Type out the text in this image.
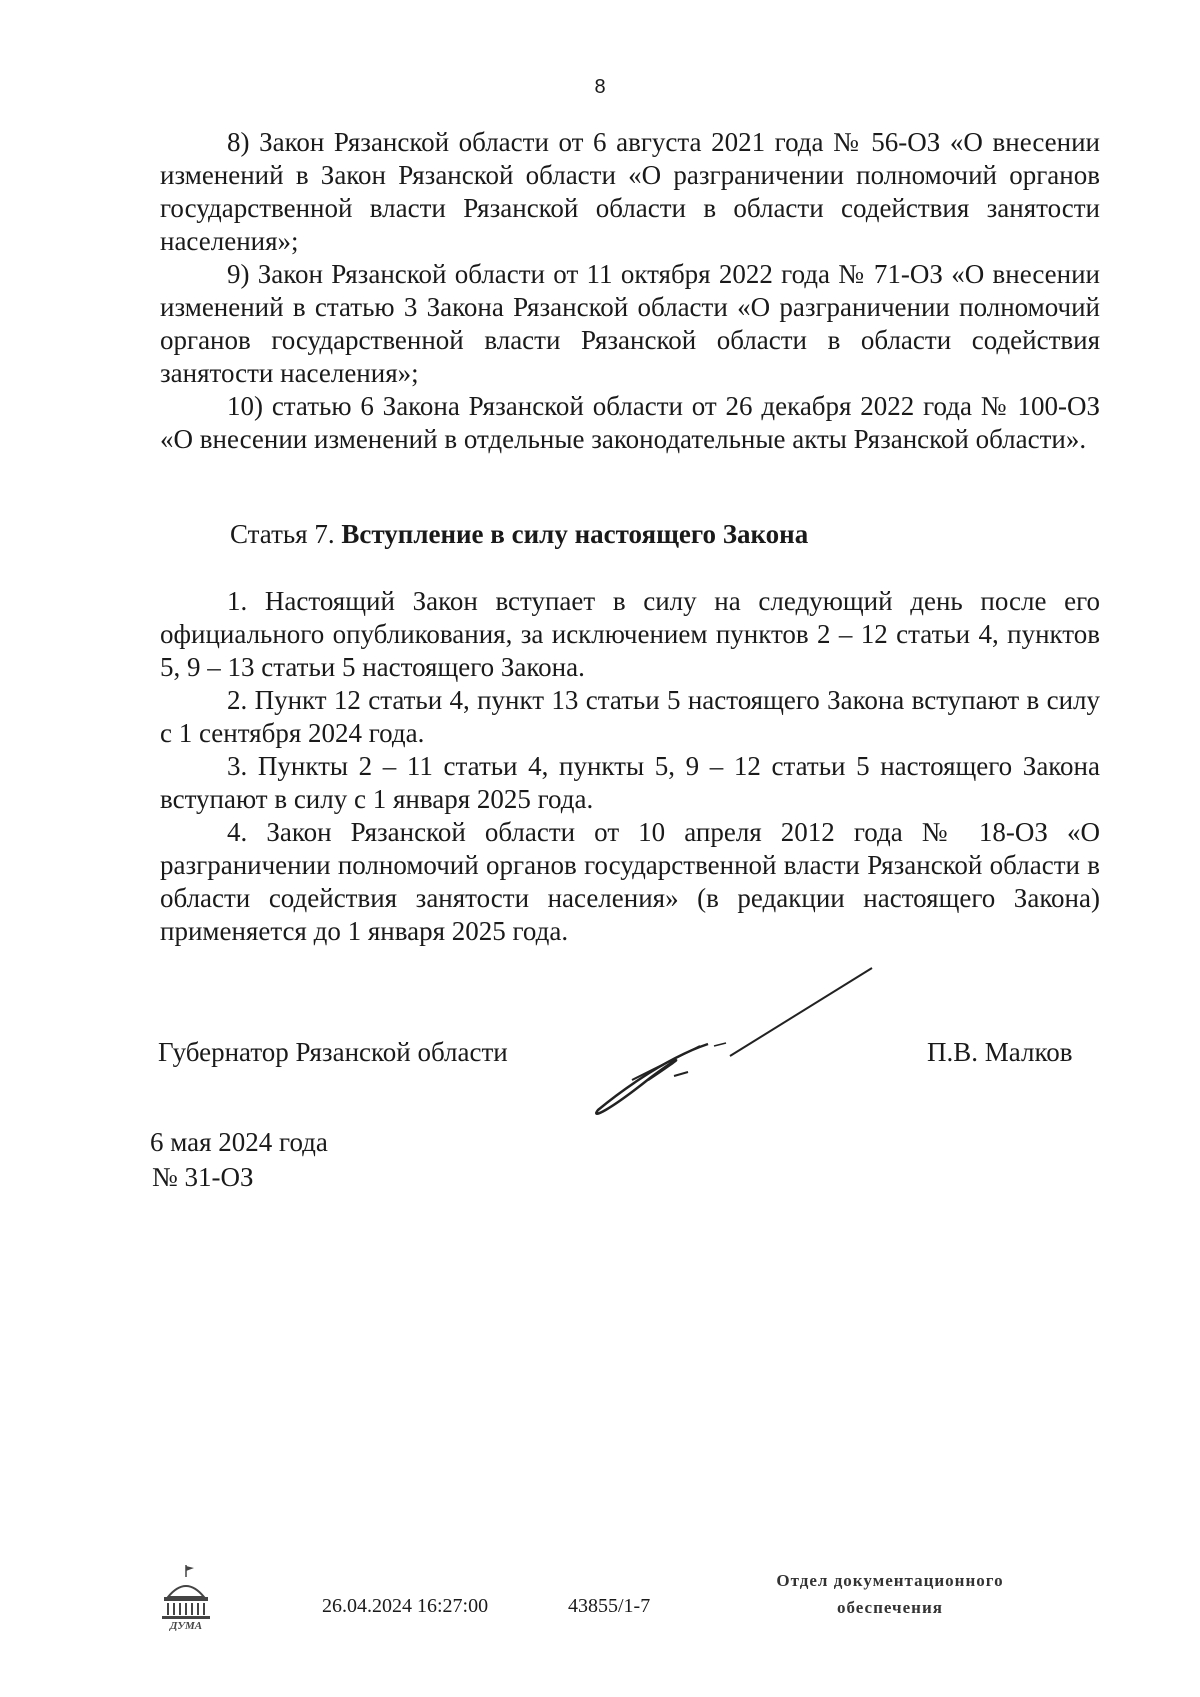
8

8) Закон Рязанской области от 6 августа 2021 года № 56-ОЗ «О внесении изменений в Закон Рязанской области «О разграничении полномочий органов государственной власти Рязанской области в области содействия занятости населения»;

9) Закон Рязанской области от 11 октября 2022 года № 71-ОЗ «О внесении изменений в статью 3 Закона Рязанской области «О разграничении полномочий органов государственной власти Рязанской области в области содействия занятости населения»;

10) статью 6 Закона Рязанской области от 26 декабря 2022 года № 100-ОЗ «О внесении изменений в отдельные законодательные акты Рязанской области».

Статья 7. Вступление в силу настоящего Закона

1. Настоящий Закон вступает в силу на следующий день после его официального опубликования, за исключением пунктов 2 – 12 статьи 4, пунктов 5, 9 – 13 статьи 5 настоящего Закона.

2. Пункт 12 статьи 4, пункт 13 статьи 5 настоящего Закона вступают в силу с 1 сентября 2024 года.

3. Пункты 2 – 11 статьи 4, пункты 5, 9 – 12 статьи 5 настоящего Закона вступают в силу с 1 января 2025 года.

4. Закон Рязанской области от 10 апреля 2012 года № 18-ОЗ «О разграничении полномочий органов государственной власти Рязанской области в области содействия занятости населения» (в редакции настоящего Закона) применяется до 1 января 2025 года.

Губернатор Рязанской области	П.В. Малков
6 мая 2024 года
№ 31-ОЗ
ДУМА
26.04.2024 16:27:00	43855/1-7
Отдел документационного
обеспечения
